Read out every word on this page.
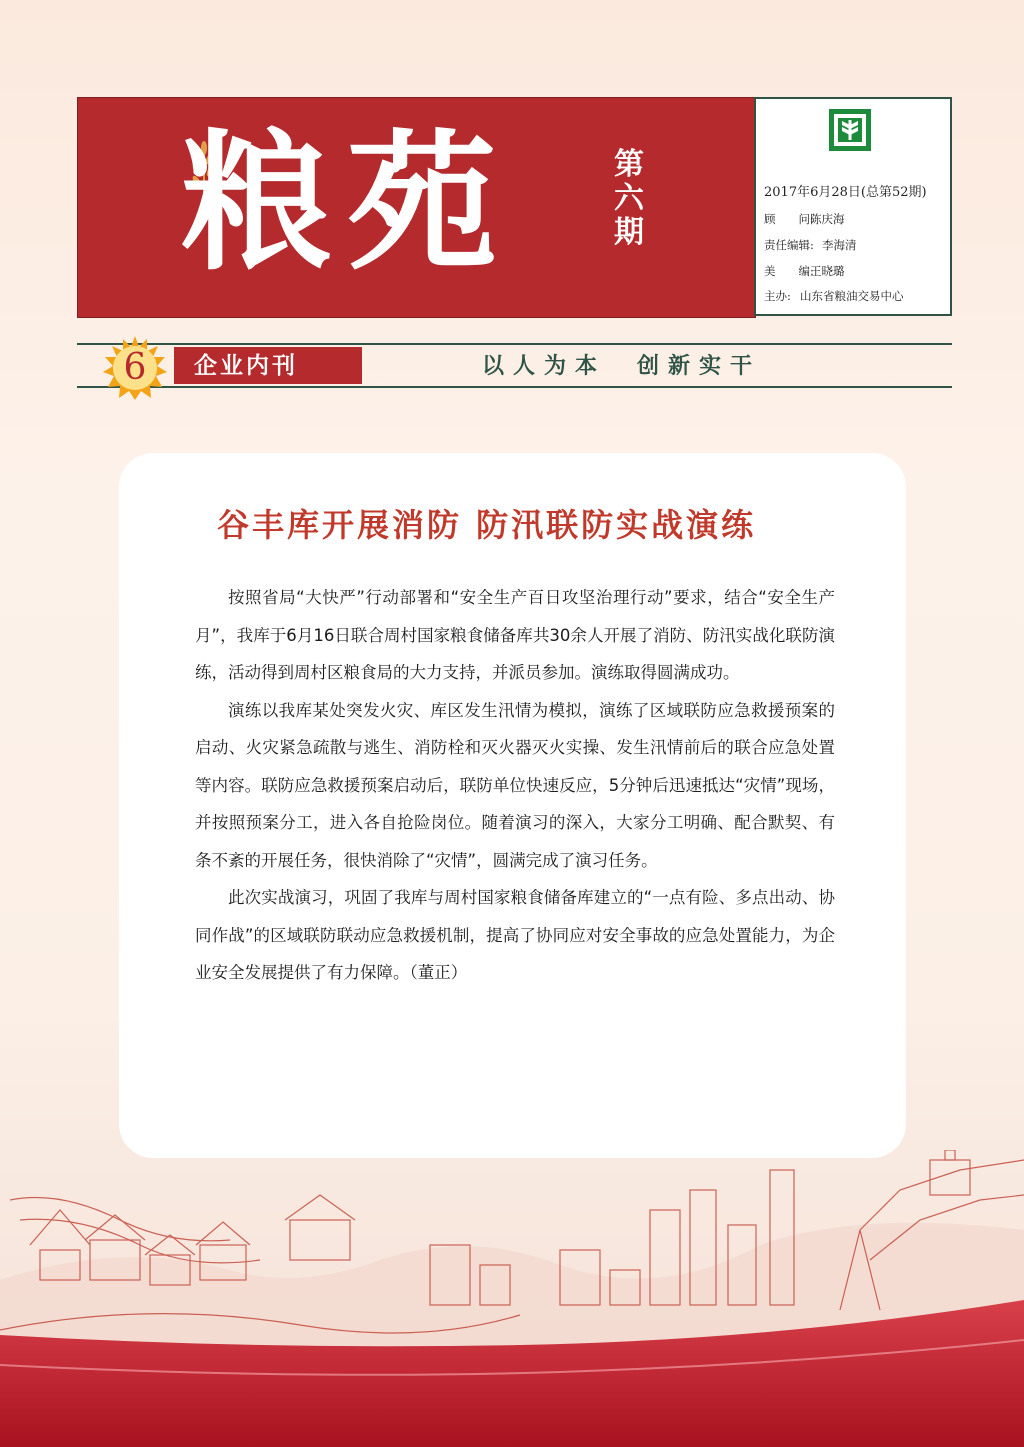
粮苑	第六期
2017年6月28日(总第52期)
顾　　问:陈庆海
责任编辑: 李海清
美　　编:王晓璐
主办: 山东省粮油交易中心
企业内刊
6	以人为本　创新实干
谷丰库开展消防 防汛联防实战演练

按照省局“大快严”行动部署和“安全生产百日攻坚治理行动”要求，结合“安全生产月”，我库于6月16日联合周村国家粮食储备库共30余人开展了消防、防汛实战化联防演练，活动得到周村区粮食局的大力支持，并派员参加。演练取得圆满成功。

演练以我库某处突发火灾、库区发生汛情为模拟，演练了区域联防应急救援预案的启动、火灾紧急疏散与逃生、消防栓和灭火器灭火实操、发生汛情前后的联合应急处置等内容。联防应急救援预案启动后，联防单位快速反应，5分钟后迅速抵达“灾情”现场，并按照预案分工，进入各自抢险岗位。随着演习的深入，大家分工明确、配合默契、有条不紊的开展任务，很快消除了“灾情”，圆满完成了演习任务。

此次实战演习，巩固了我库与周村国家粮食储备库建立的“一点有险、多点出动、协同作战”的区域联防联动应急救援机制，提高了协同应对安全事故的应急处置能力，为企业安全发展提供了有力保障。（董正）
